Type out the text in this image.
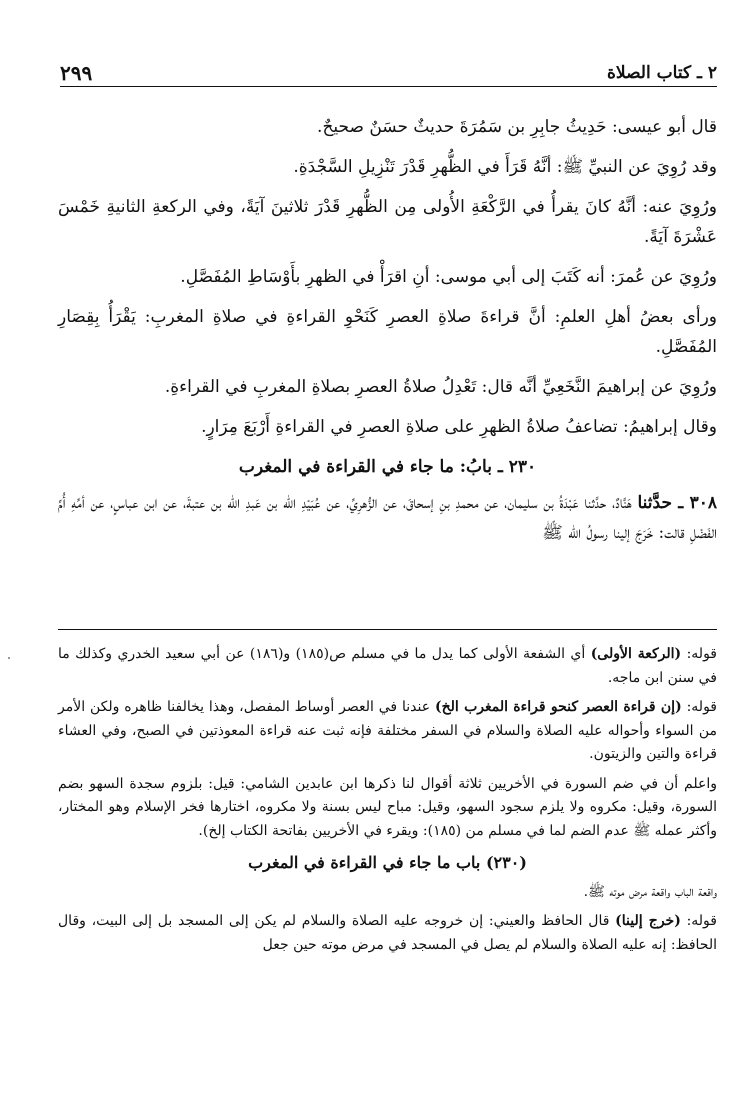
٢٩٩	٢ ـ كتاب الصلاة

قال أبو عيسى: حَدِيثُ جابِرِ بن سَمُرَةَ حديثٌ حسَنٌ صحيحٌ.

وقد رُوِيَ عن النبيِّ ﷺ: أنَّهُ قَرَأَ في الظُّهرِ قَدْرَ تَنْزِيلِ السَّجْدَةِ.

ورُوِيَ عنه: أنَّهُ كانَ يقرأُ في الرَّكْعَةِ الأُولى مِن الظُّهرِ قَدْرَ ثلاثينَ آيَةً، وفي الركعةِ الثانيةِ خَمْسَ عَشْرَةَ آيَةً.

ورُوِيَ عن عُمرَ: أنه كَتَبَ إلى أبي موسى: أنِ اقرَأْ في الظهرِ بأَوْسَاطِ المُفَصَّلِ.

ورأى بعضُ أهلِ العلمِ: أنَّ قراءةَ صلاةِ العصرِ كَنَحْوِ القراءةِ في صلاةِ المغربِ: يَقْرَأُ بِقِصَارِ المُفَصَّلِ.

ورُوِيَ عن إبراهيمَ النَّخَعِيِّ أنَّه قال: تَعْدِلُ صلاةُ العصرِ بصلاةِ المغربِ في القراءةِ.

وقال إبراهيمُ: تضاعفُ صلاةُ الظهرِ على صلاةِ العصرِ في القراءةِ أَرْبَعَ مِرَارٍ.

٢٣٠ ـ بابُ: ما جاء في القراءة في المغرب

٣٠٨ ـ حدَّثنا هَنَّادٌ، حدَّثنا عَبْدَةُ بن سليمان، عن محمدِ بنِ إسحاقَ، عن الزُّهرِيِّ، عن عُبَيْدِ الله بن عَبدِ الله بن عتبةَ، عن ابن عباسٍ، عن أمِّهِ أُمِّ الفَضْلِ قالت: خَرَجَ إلينا رسولُ الله ﷺ

قوله: (الركعة الأولى) أي الشفعة الأولى كما يدل ما في مسلم ص(١٨٥) و(١٨٦) عن أبي سعيد الخدري وكذلك ما في سنن ابن ماجه.

قوله: (إن قراءة العصر كنحو قراءة المغرب الخ) عندنا في العصر أوساط المفصل، وهذا يخالفنا ظاهره ولكن الأمر من السواء وأحواله عليه الصلاة والسلام في السفر مختلفة فإنه ثبت عنه قراءة المعوذتين في الصبح، وفي العشاء قراءة والتين والزيتون.

واعلم أن في ضم السورة في الأخريين ثلاثة أقوال لنا ذكرها ابن عابدين الشامي: قيل: بلزوم سجدة السهو بضم السورة، وقيل: مكروه ولا يلزم سجود السهو، وقيل: مباح ليس بسنة ولا مكروه، اختارها فخر الإسلام وهو المختار، وأكثر عمله ﷺ عدم الضم لما في مسلم من (١٨٥): ويقرء في الأخريين بفاتحة الكتاب إلخ).

(٢٣٠) باب ما جاء في القراءة في المغرب

واقعة الباب واقعة مرض موته ﷺ.

قوله: (خرج إلينا) قال الحافظ والعيني: إن خروجه عليه الصلاة والسلام لم يكن إلى المسجد بل إلى البيت، وقال الحافظ: إنه عليه الصلاة والسلام لم يصل في المسجد في مرض موته حين جعل
